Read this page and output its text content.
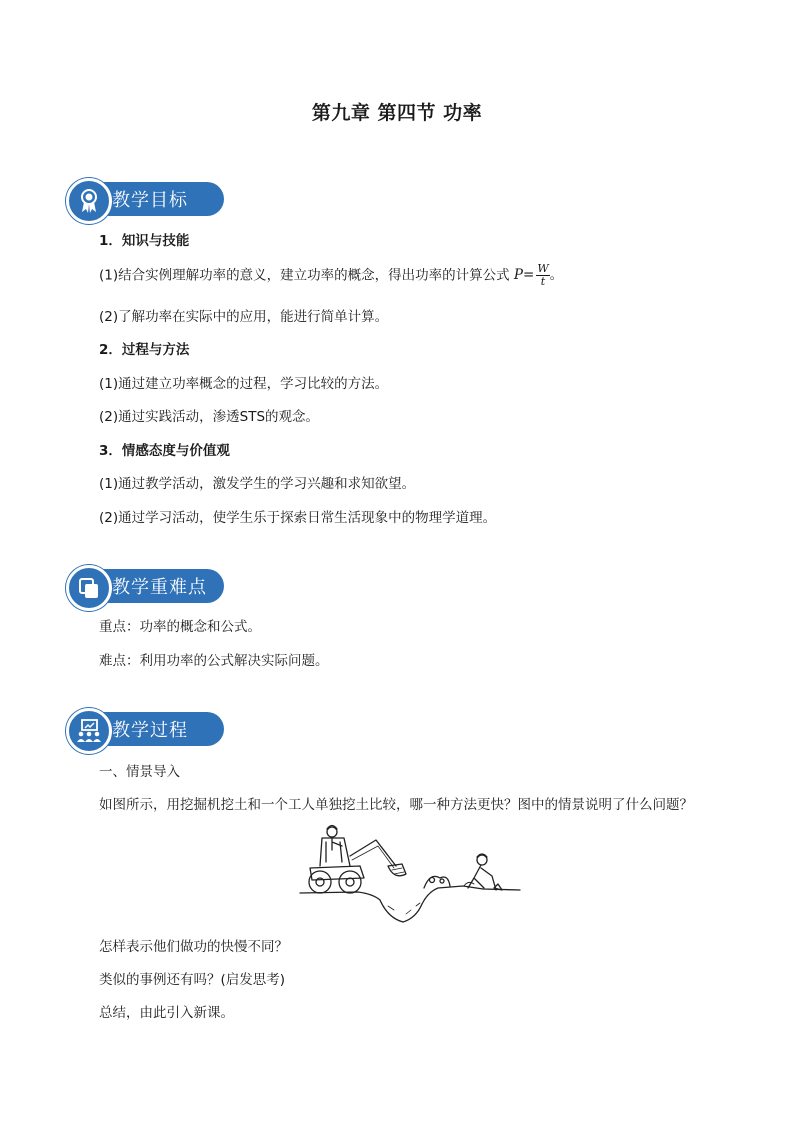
第九章 第四节 功率
教学目标
1．知识与技能
(1)结合实例理解功率的意义，建立功率的概念，得出功率的计算公式 $P= \frac{W}{t}$ 。
(2)了解功率在实际中的应用，能进行简单计算。
2．过程与方法
(1)通过建立功率概念的过程，学习比较的方法。
(2)通过实践活动，渗透STS的观念。
3．情感态度与价值观
(1)通过教学活动，激发学生的学习兴趣和求知欲望。
(2)通过学习活动，使学生乐于探索日常生活现象中的物理学道理。
教学重难点
重点：功率的概念和公式。
难点：利用功率的公式解决实际问题。
教学过程
一、情景导入
如图所示，用挖掘机挖土和一个工人单独挖土比较，哪一种方法更快？图中的情景说明了什么问题？
怎样表示他们做功的快慢不同？
类似的事例还有吗？(启发思考)
总结，由此引入新课。
